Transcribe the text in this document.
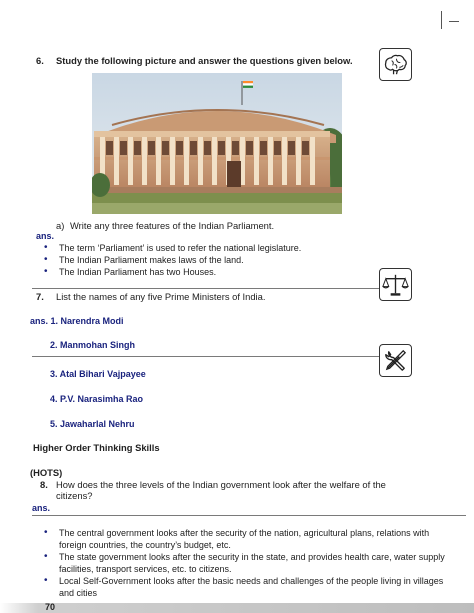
6. Study the following picture and answer the questions given below.
a) Write any three features of the Indian Parliament.
ans.
• The term ‘Parliament’ is used to refer the national legislature.
• The Indian Parliament makes laws of the land.
• The Indian Parliament has two Houses.
7. List the names of any five Prime Ministers of India.
ans. 1. Narendra Modi
2. Manmohan Singh
3. Atal Bihari Vajpayee
4. P.V. Narasimha Rao
5. Jawaharlal Nehru
Higher Order Thinking Skills
(HOTS)
8. How does the three levels of the Indian government look after the welfare of the citizens?
ans.
• The central government looks after the security of the nation, agricultural plans, relations with foreign countries, the country’s budget, etc.
• The state government looks after the security in the state, and provides health care, water supply facilities, transport services, etc. to citizens.
• Local Self-Government looks after the basic needs and challenges of the people living in villages and cities
70
